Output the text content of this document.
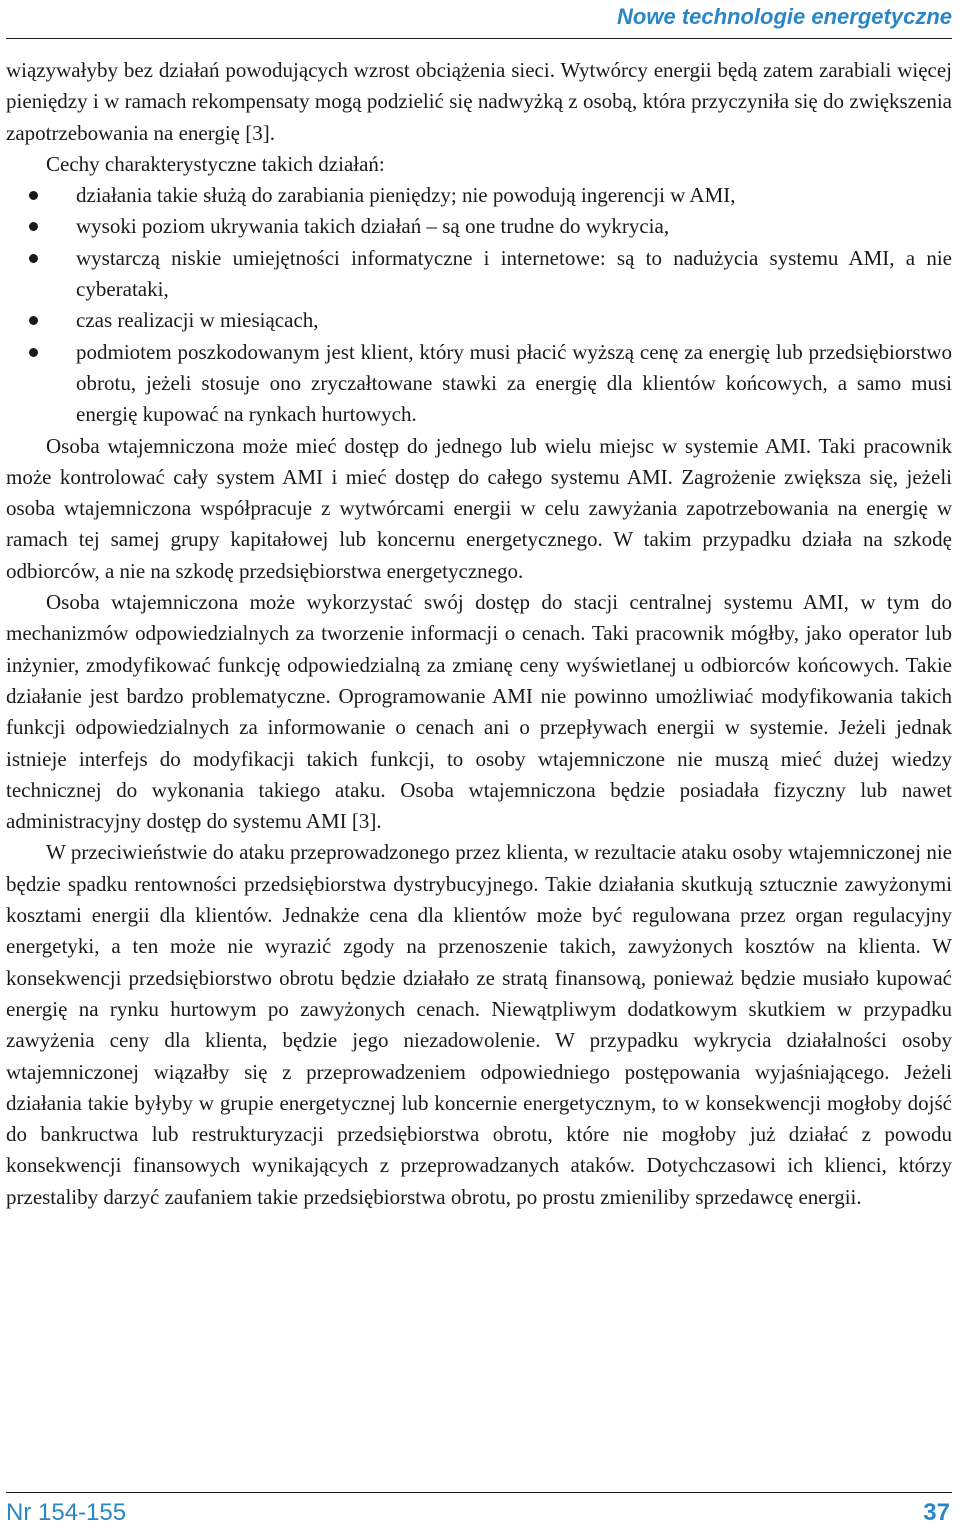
Nowe technologie energetyczne

wiązywałyby bez działań powodujących wzrost obciążenia sieci. Wytwórcy energii będą zatem zarabiali więcej pieniędzy i w ramach rekompensaty mogą podzielić się nadwyżką z osobą, która przyczyniła się do zwiększenia zapotrzebowania na energię [3].

Cechy charakterystyczne takich działań:

działania takie służą do zarabiania pieniędzy; nie powodują ingerencji w AMI,
wysoki poziom ukrywania takich działań – są one trudne do wykrycia,
wystarczą niskie umiejętności informatyczne i internetowe: są to nadużycia systemu AMI, a nie cyberataki,
czas realizacji w miesiącach,
podmiotem poszkodowanym jest klient, który musi płacić wyższą cenę za energię lub przedsiębiorstwo obrotu, jeżeli stosuje ono zryczałtowane stawki za energię dla klientów końcowych, a samo musi energię kupować na rynkach hurtowych.

Osoba wtajemniczona może mieć dostęp do jednego lub wielu miejsc w systemie AMI. Taki pracownik może kontrolować cały system AMI i mieć dostęp do całego systemu AMI. Zagrożenie zwiększa się, jeżeli osoba wtajemniczona współpracuje z wytwórcami energii w celu zawyżania zapotrzebowania na energię w ramach tej samej grupy kapitałowej lub koncernu energetycznego. W takim przypadku działa na szkodę odbiorców, a nie na szkodę przedsiębiorstwa energetycznego.

Osoba wtajemniczona może wykorzystać swój dostęp do stacji centralnej systemu AMI, w tym do mechanizmów odpowiedzialnych za tworzenie informacji o cenach. Taki pracownik mógłby, jako operator lub inżynier, zmodyfikować funkcję odpowiedzialną za zmianę ceny wyświetlanej u odbiorców końcowych. Takie działanie jest bardzo problematyczne. Oprogramowanie AMI nie powinno umożliwiać modyfikowania takich funkcji odpowiedzialnych za informowanie o cenach ani o przepływach energii w systemie. Jeżeli jednak istnieje interfejs do modyfikacji takich funkcji, to osoby wtajemniczone nie muszą mieć dużej wiedzy technicznej do wykonania takiego ataku. Osoba wtajemniczona będzie posiadała fizyczny lub nawet administracyjny dostęp do systemu AMI [3].

W przeciwieństwie do ataku przeprowadzonego przez klienta, w rezultacie ataku osoby wtajemniczonej nie będzie spadku rentowności przedsiębiorstwa dystrybucyjnego. Takie działania skutkują sztucznie zawyżonymi kosztami energii dla klientów. Jednakże cena dla klientów może być regulowana przez organ regulacyjny energetyki, a ten może nie wyrazić zgody na przenoszenie takich, zawyżonych kosztów na klienta. W konsekwencji przedsiębiorstwo obrotu będzie działało ze stratą finansową, ponieważ będzie musiało kupować energię na rynku hurtowym po zawyżonych cenach. Niewątpliwym dodatkowym skutkiem w przypadku zawyżenia ceny dla klienta, będzie jego niezadowolenie. W przypadku wykrycia działalności osoby wtajemniczonej wiązałby się z przeprowadzeniem odpowiedniego postępowania wyjaśniającego. Jeżeli działania takie byłyby w grupie energetycznej lub koncernie energetycznym, to w konsekwencji mogłoby dojść do bankructwa lub restrukturyzacji przedsiębiorstwa obrotu, które nie mogłoby już działać z powodu konsekwencji finansowych wynikających z przeprowadzanych ataków. Dotychczasowi ich klienci, którzy przestaliby darzyć zaufaniem takie przedsiębiorstwa obrotu, po prostu zmieniliby sprzedawcę energii.

Nr 154-155	37
